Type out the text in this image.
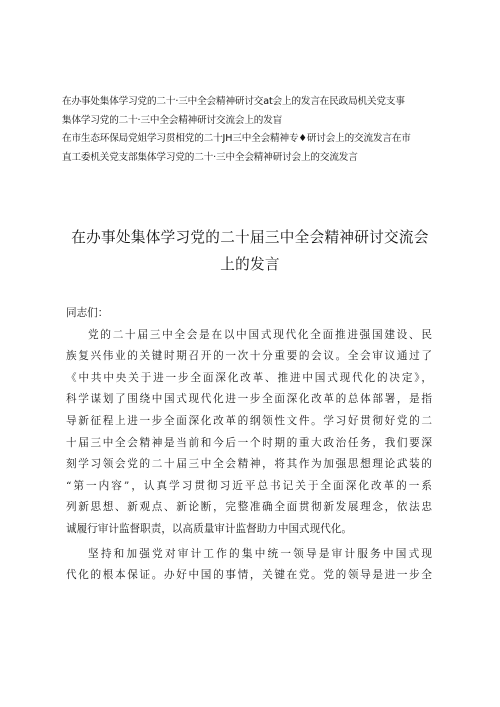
在办事处集体学习党的二十·三中全会精神研讨交at会上的发言在民政局机关党支事
集体学习党的二十·三中全会精神研讨交流会上的发盲
在市生态环保局党姐学习贯相党的二十JH三中全会精神专♦研讨会上的交流发言在市
直工委机关党支部集体学习党的二十·三中全会精神研讨会上的交流发言
在办事处集体学习党的二十届三中全会精神研讨交流会
上的发言
同志们：
党的二十届三中全会是在以中国式现代化全面推进强国建设、民
族复兴伟业的关键时期召开的一次十分重要的会议。全会审议通过了
《中共中央关于进一步全面深化改革、推进中国式现代化的决定》，
科学谋划了围绕中国式现代化进一步全面深化改革的总体部署，是指
导新征程上进一步全面深化改革的纲领性文件。学习好贯彻好党的二
十届三中全会精神是当前和今后一个时期的重大政治任务，我们要深
刻学习领会党的二十届三中全会精神，将其作为加强思想理论武装的
“第一内容”，认真学习贯彻习近平总书记关于全面深化改革的一系
列新思想、新观点、新论断，完整准确全面贯彻新发展理念，依法忠
诚履行审计监督职责，以高质量审计监督助力中国式现代化。
坚持和加强党对审计工作的集中统一领导是审计服务中国式现
代化的根本保证。办好中国的事情，关键在党。党的领导是进一步全
